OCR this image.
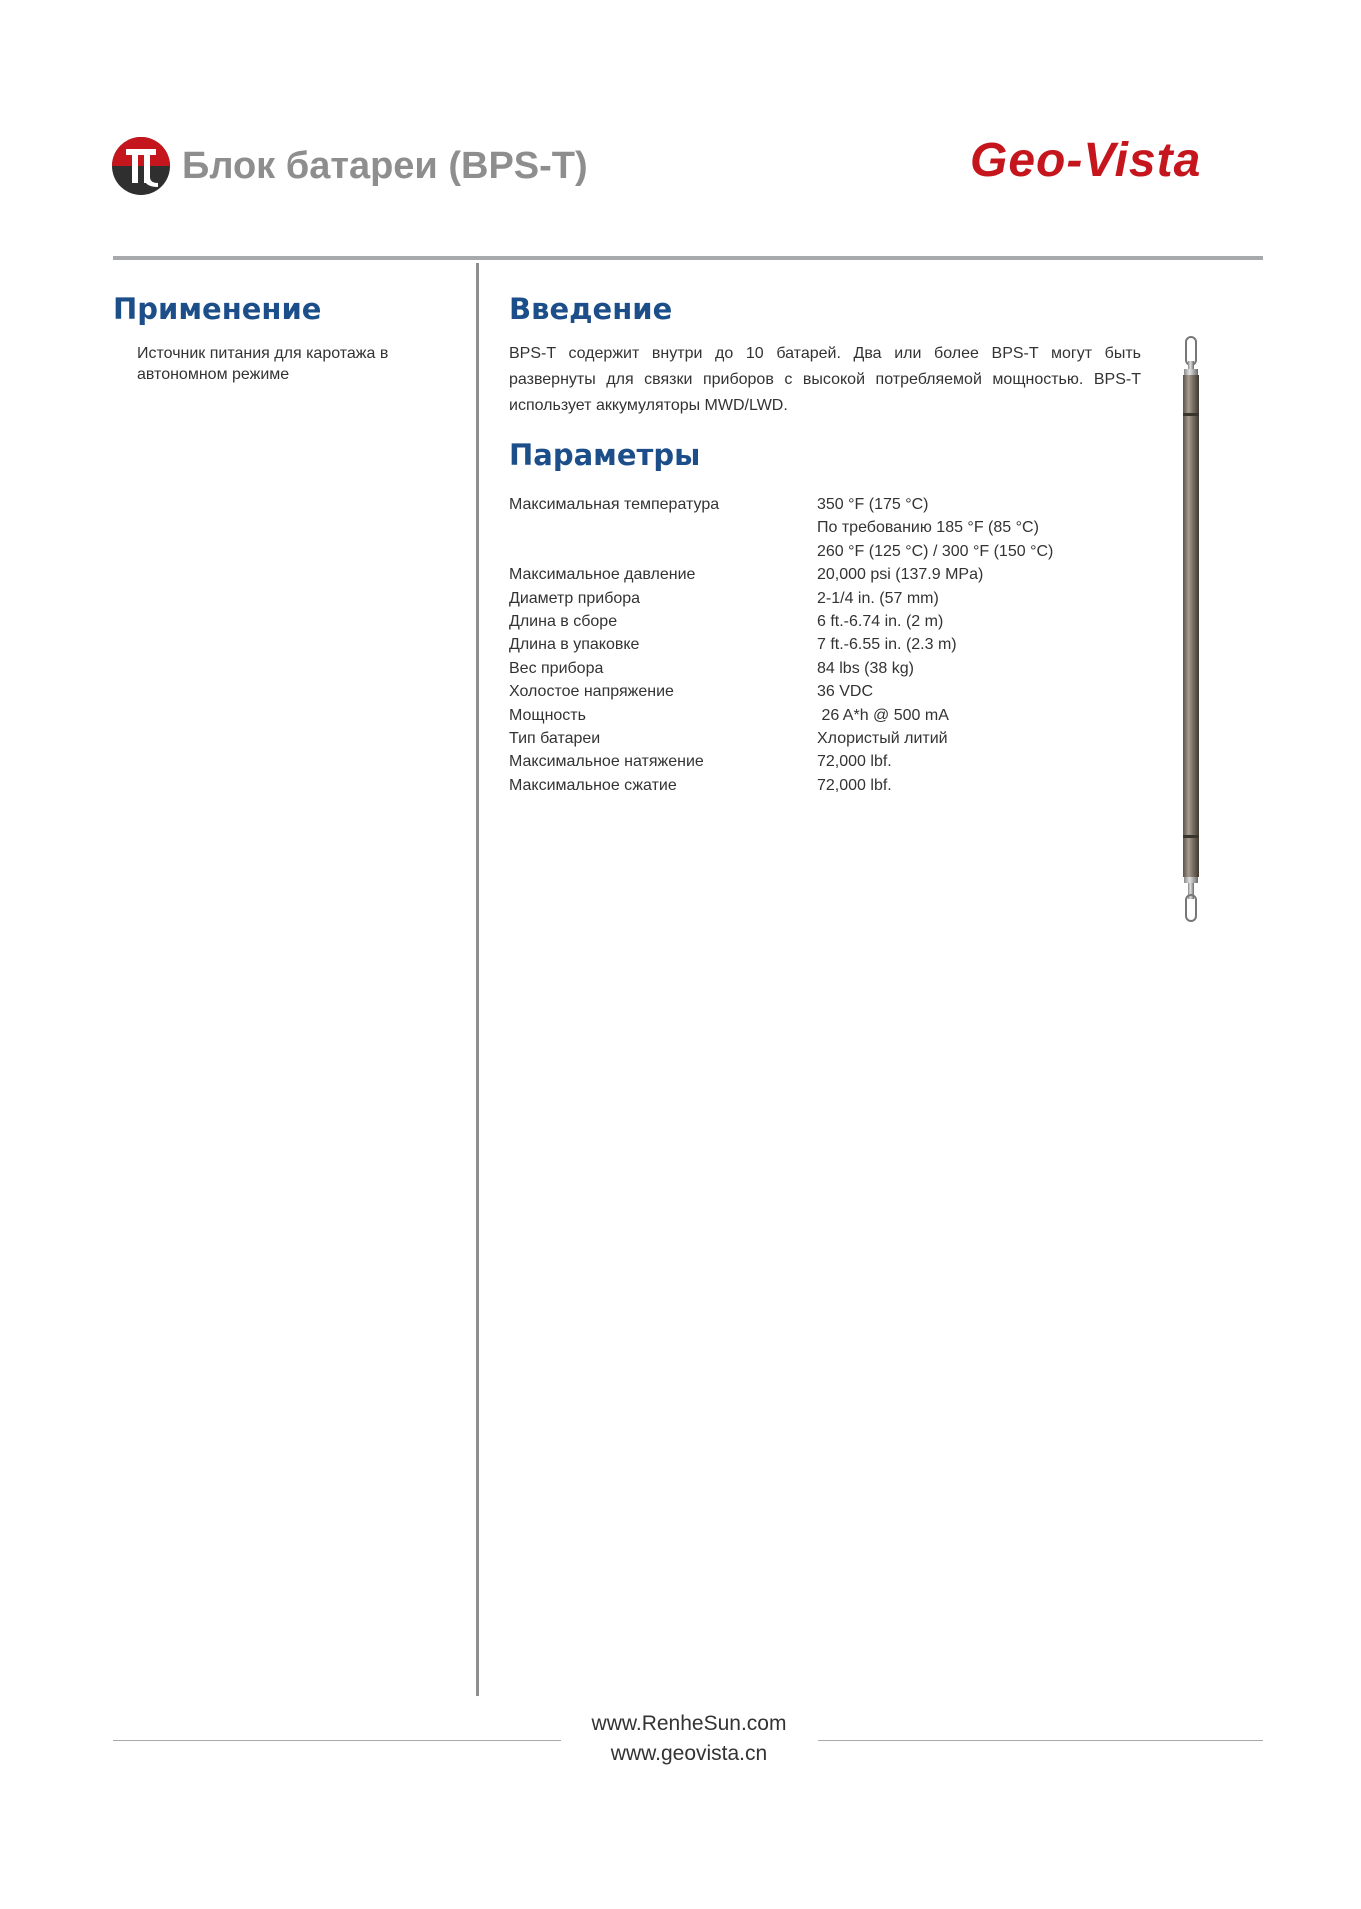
Блок батареи (BPS-T)	Geo-Vista
Применение
Источник питания для каротажа в автономном режиме
Введение
BPS-T содержит внутри до 10 батарей. Два или более BPS-T могут быть развернуты для связки приборов с высокой потребляемой мощностью. BPS-T использует аккумуляторы MWD/LWD.
Параметры
Максимальная температура	350 °F (175 °C)
По требованию 185 °F (85 °C)
260 °F (125 °C) / 300 °F (150 °C)
Максимальное давление	20,000 psi (137.9 MPa)
Диаметр прибора	2-1/4 in. (57 mm)
Длина в сборе	6 ft.-6.74 in. (2 m)
Длина в упаковке	7 ft.-6.55 in. (2.3 m)
Вес прибора	84 lbs (38 kg)
Холостое напряжение	36 VDC
Мощность	26 A*h @ 500 mA
Тип батареи	Хлористый литий
Максимальное натяжение	72,000 lbf.
Максимальное сжатие	72,000 lbf.
www.RenheSun.com
www.geovista.cn
